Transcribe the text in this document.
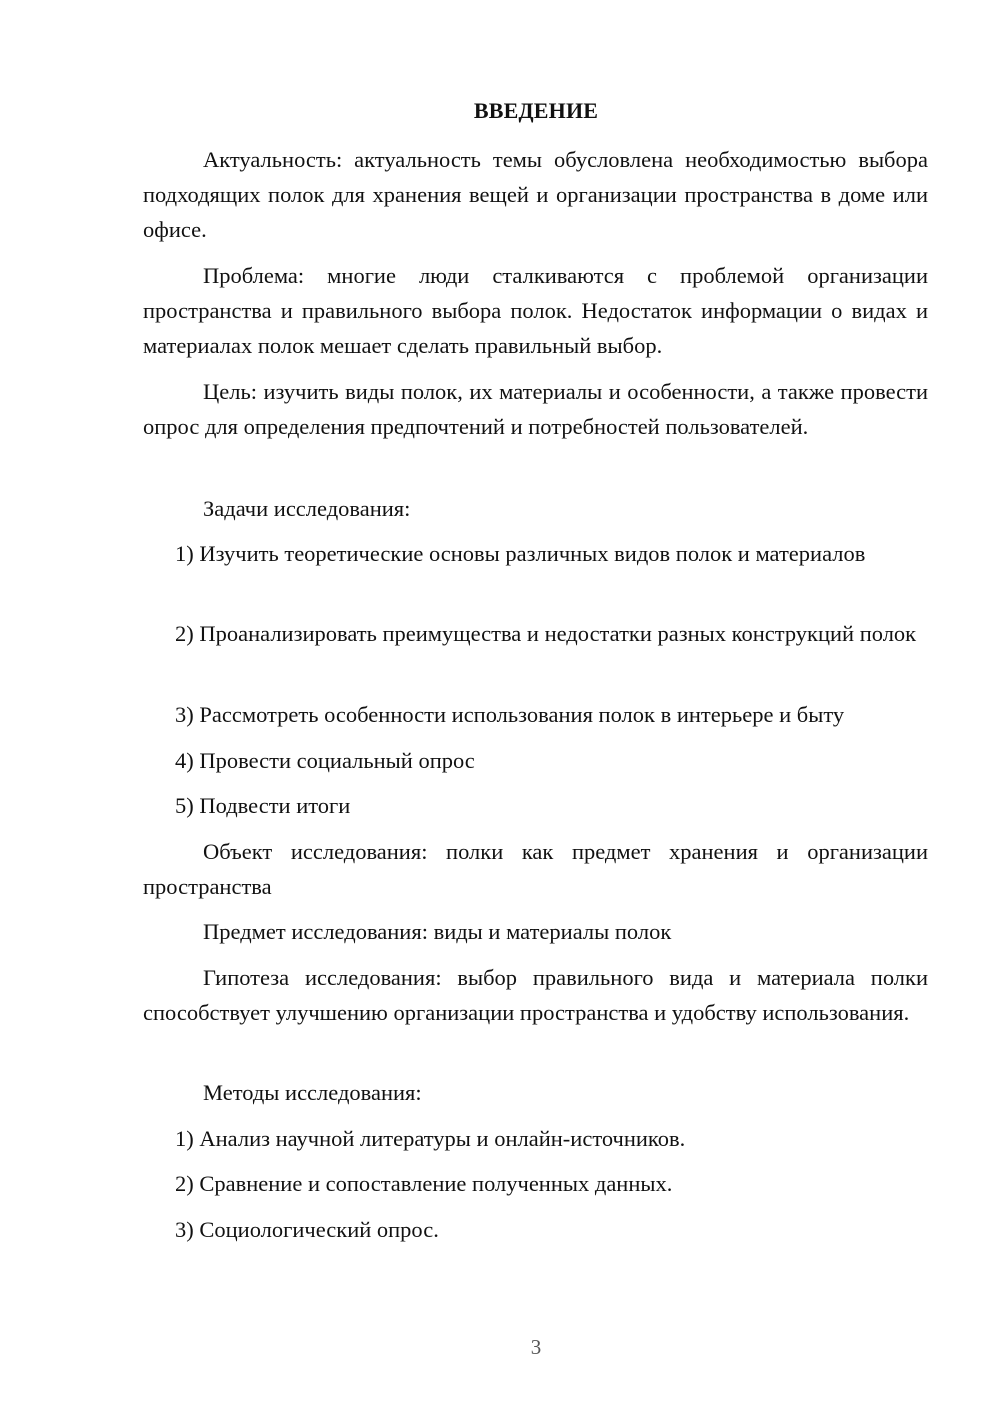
ВВЕДЕНИЕ

Актуальность: актуальность темы обусловлена необходимостью выбора подходящих полок для хранения вещей и организации пространства в доме или офисе.

Проблема: многие люди сталкиваются с проблемой организации пространства и правильного выбора полок. Недостаток информации о видах и материалах полок мешает сделать правильный выбор.

Цель: изучить виды полок, их материалы и особенности, а также провести опрос для определения предпочтений и потребностей пользователей.

Задачи исследования:

1) Изучить теоретические основы различных видов полок и материалов

2) Проанализировать преимущества и недостатки разных конструкций полок

3) Рассмотреть особенности использования полок в интерьере и быту
4) Провести социальный опрос
5) Подвести итоги

Объект исследования: полки как предмет хранения и организации пространства

Предмет исследования: виды и материалы полок

Гипотеза исследования: выбор правильного вида и материала полки способствует улучшению организации пространства и удобству использования.

Методы исследования:
1) Анализ научной литературы и онлайн-источников.
2) Сравнение и сопоставление полученных данных.
3) Социологический опрос.
3
